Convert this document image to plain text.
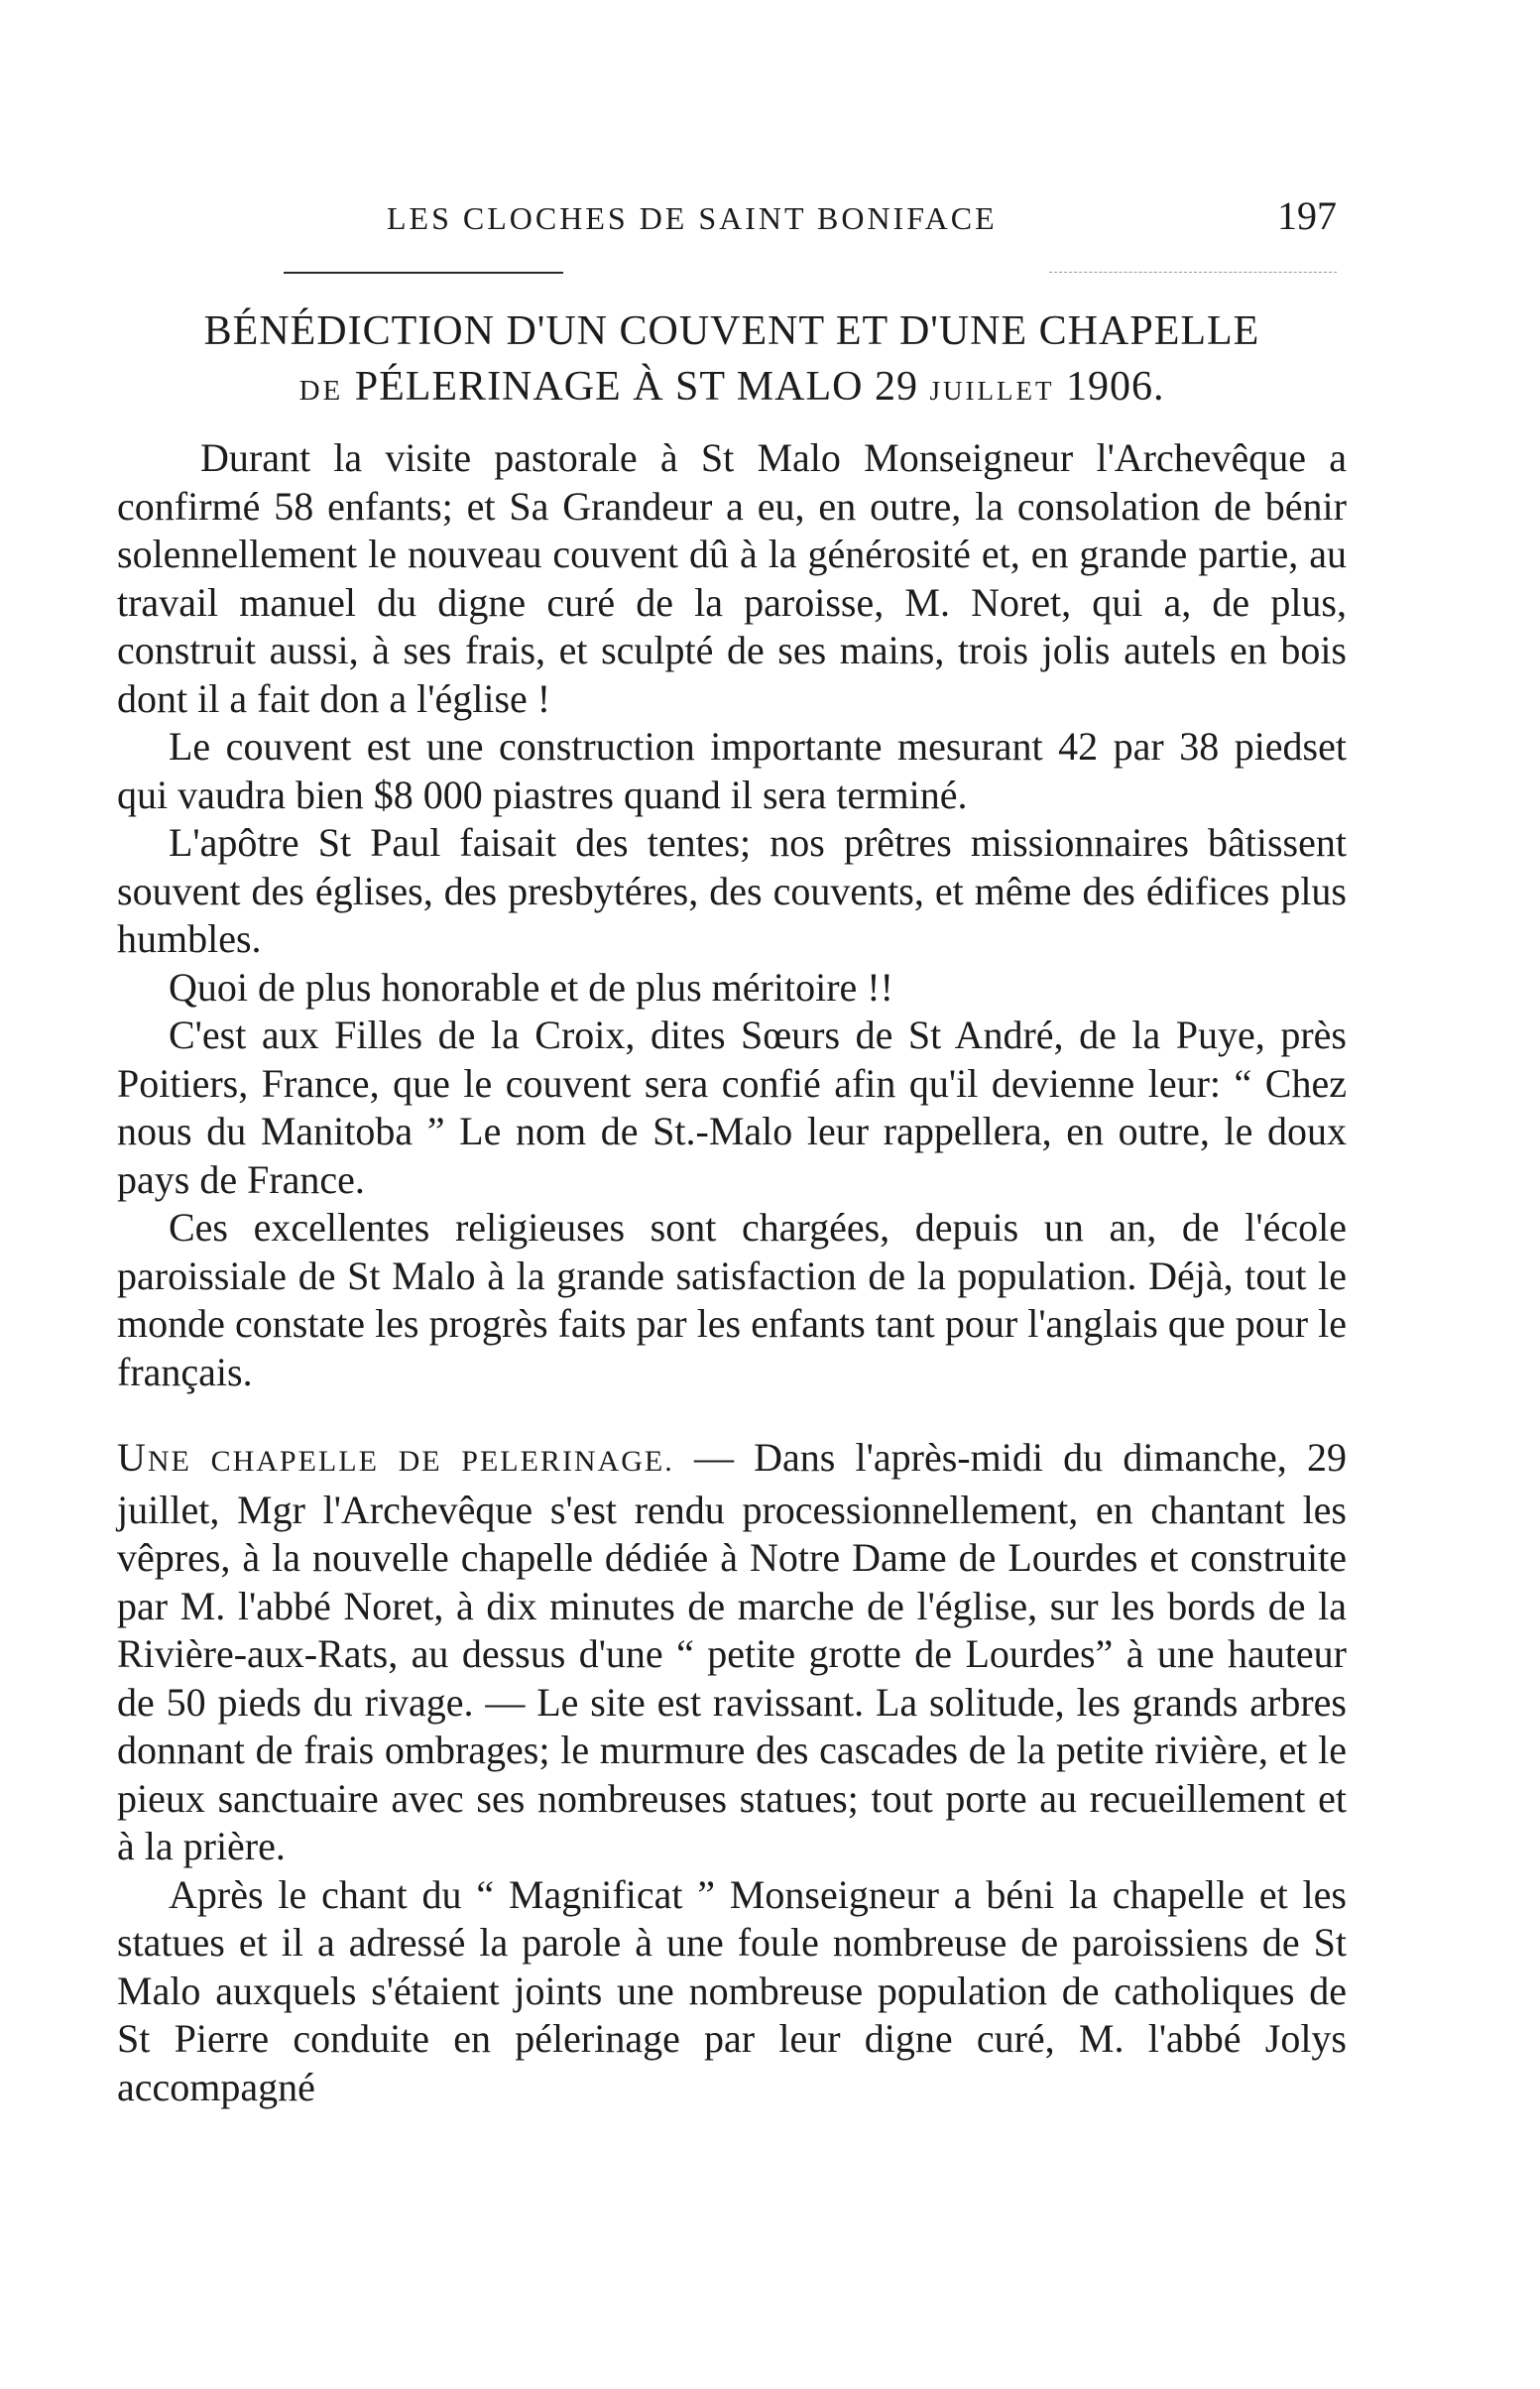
LES CLOCHES DE SAINT BONIFACE	197
BÉNÉDICTION D'UN COUVENT ET D'UNE CHAPELLE
DE PÉLERINAGE À ST MALO 29 JUILLET 1906.

Durant la visite pastorale à St Malo Monseigneur l'Archevêque a confirmé 58 enfants; et Sa Grandeur a eu, en outre, la consolation de bénir solennellement le nouveau couvent dû à la générosité et, en grande partie, au travail manuel du digne curé de la paroisse, M. Noret, qui a, de plus, construit aussi, à ses frais, et sculpté de ses mains, trois jolis autels en bois dont il a fait don a l'église !

Le couvent est une construction importante mesurant 42 par 38 piedset qui vaudra bien $8 000 piastres quand il sera terminé.

L'apôtre St Paul faisait des tentes; nos prêtres missionnaires bâtissent souvent des églises, des presbytéres, des couvents, et même des édifices plus humbles.

Quoi de plus honorable et de plus méritoire !!

C'est aux Filles de la Croix, dites Sœurs de St André, de la Puye, près Poitiers, France, que le couvent sera confié afin qu'il devienne leur: “ Chez nous du Manitoba ” Le nom de St.-Malo leur rappellera, en outre, le doux pays de France.

Ces excellentes religieuses sont chargées, depuis un an, de l'école paroissiale de St Malo à la grande satisfaction de la population. Déjà, tout le monde constate les progrès faits par les enfants tant pour l'anglais que pour le français.

UNE CHAPELLE DE PELERINAGE. — Dans l'après-midi du dimanche, 29 juillet, Mgr l'Archevêque s'est rendu processionnellement, en chantant les vêpres, à la nouvelle chapelle dédiée à Notre Dame de Lourdes et construite par M. l'abbé Noret, à dix minutes de marche de l'église, sur les bords de la Rivière-aux-Rats, au dessus d'une “ petite grotte de Lourdes” à une hauteur de 50 pieds du rivage. — Le site est ravissant. La solitude, les grands arbres donnant de frais ombrages; le murmure des cascades de la petite rivière, et le pieux sanctuaire avec ses nombreuses statues; tout porte au recueillement et à la prière.

Après le chant du “ Magnificat ” Monseigneur a béni la chapelle et les statues et il a adressé la parole à une foule nombreuse de paroissiens de St Malo auxquels s'étaient joints une nombreuse population de catholiques de St Pierre conduite en pélerinage par leur digne curé, M. l'abbé Jolys accompagné
